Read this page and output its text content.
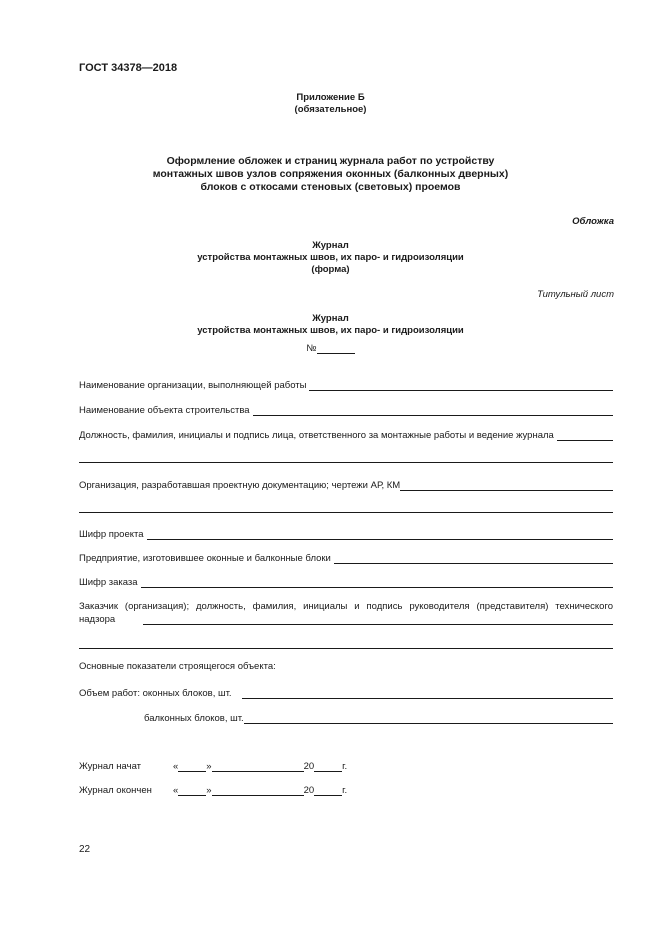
ГОСТ 34378—2018
Приложение Б
(обязательное)
Оформление обложек и страниц журнала работ по устройству
монтажных швов узлов сопряжения оконных (балконных дверных)
блоков с откосами стеновых (световых) проемов
Обложка
Журнал
устройства монтажных швов, их паро- и гидроизоляции
(форма)
Титульный лист
Журнал
устройства монтажных швов, их паро- и гидроизоляции
№
Наименование организации, выполняющей работы
Наименование объекта строительства
Должность, фамилия, инициалы и подпись лица, ответственного за монтажные работы и ведение журнала
Организация, разработавшая проектную документацию; чертежи АР, КМ
Шифр проекта
Предприятие, изготовившее оконные и балконные блоки
Шифр заказа
Заказчик (организация); должность, фамилия, инициалы и подпись руководителя (представителя) технического
надзора
Основные показатели строящегося объекта:
Объем работ: оконных блоков, шт.
балконных блоков, шт.
Журнал начат	«	»	20	г.
Журнал окончен «	»	20	г.
22
